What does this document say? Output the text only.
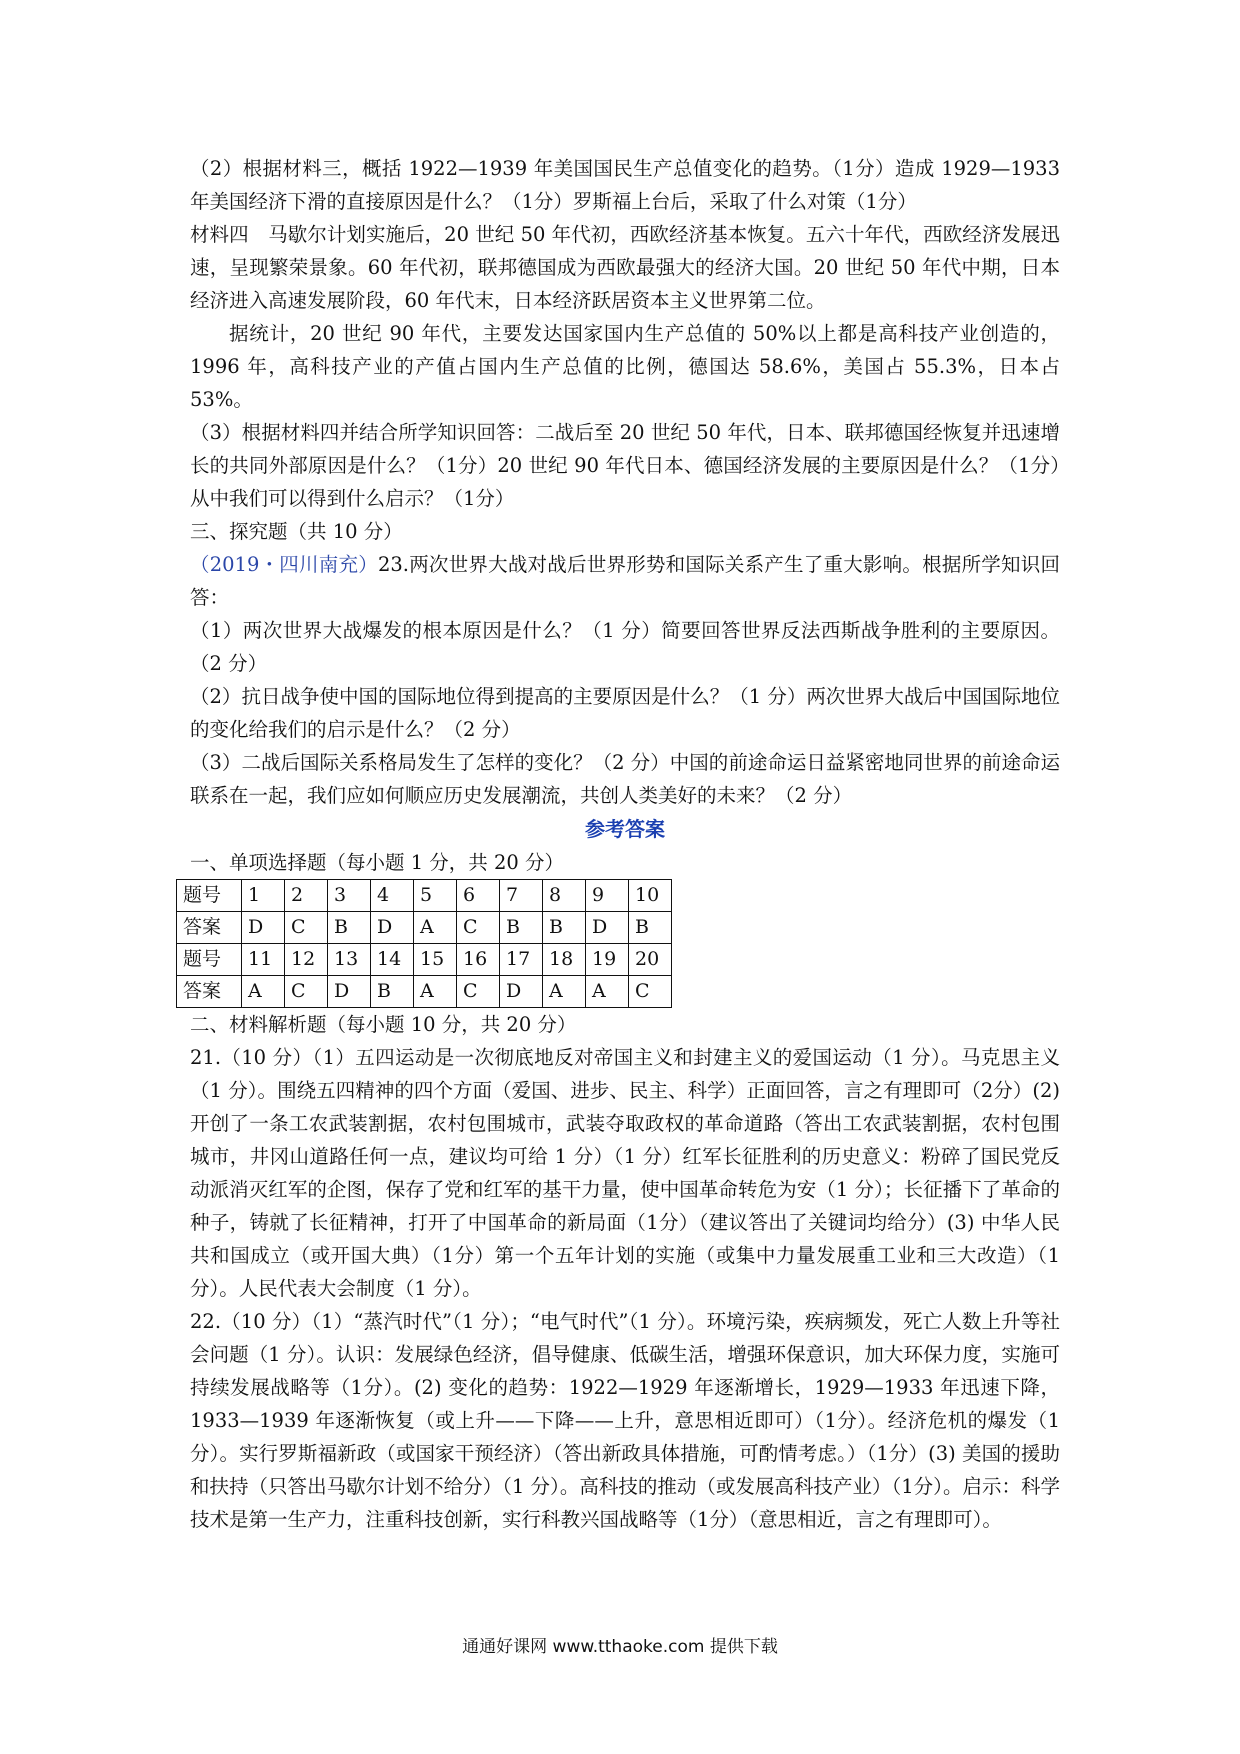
（2）根据材料三，概括 1922—1939 年美国国民生产总值变化的趋势。（1分）造成 1929—1933 年美国经济下滑的直接原因是什么？（1分）罗斯福上台后，采取了什么对策（1分）

材料四　马歇尔计划实施后，20 世纪 50 年代初，西欧经济基本恢复。五六十年代，西欧经济发展迅速，呈现繁荣景象。60 年代初，联邦德国成为西欧最强大的经济大国。20 世纪 50 年代中期，日本经济进入高速发展阶段，60 年代末，日本经济跃居资本主义世界第二位。

据统计，20 世纪 90 年代，主要发达国家国内生产总值的 50%以上都是高科技产业创造的，1996 年，高科技产业的产值占国内生产总值的比例，德国达 58.6%，美国占 55.3%，日本占 53%。

（3）根据材料四并结合所学知识回答：二战后至 20 世纪 50 年代，日本、联邦德国经恢复并迅速增长的共同外部原因是什么？（1分）20 世纪 90 年代日本、德国经济发展的主要原因是什么？（1分）从中我们可以得到什么启示？（1分）

三、探究题（共 10 分）

（2019・四川南充）23.两次世界大战对战后世界形势和国际关系产生了重大影响。根据所学知识回答：

（1）两次世界大战爆发的根本原因是什么？（1 分）简要回答世界反法西斯战争胜利的主要原因。（2 分）

（2）抗日战争使中国的国际地位得到提高的主要原因是什么？（1 分）两次世界大战后中国国际地位的变化给我们的启示是什么？（2 分）

（3）二战后国际关系格局发生了怎样的变化？（2 分）中国的前途命运日益紧密地同世界的前途命运联系在一起，我们应如何顺应历史发展潮流，共创人类美好的未来？（2 分）

参考答案

一、单项选择题（每小题 1 分，共 20 分）

题号	1	2	3	4	5	6	7	8	9	10
答案	D	C	B	D	A	C	B	B	D	B
题号	11	12	13	14	15	16	17	18	19	20
答案	A	C	D	B	A	C	D	A	A	C

二、材料解析题（每小题 10 分，共 20 分）

21.（10 分）（1）五四运动是一次彻底地反对帝国主义和封建主义的爱国运动（1 分）。马克思主义（1 分）。围绕五四精神的四个方面（爱国、进步、民主、科学）正面回答，言之有理即可（2分）(2) 开创了一条工农武装割据，农村包围城市，武装夺取政权的革命道路（答出工农武装割据，农村包围城市，井冈山道路任何一点，建议均可给 1 分）（1 分）红军长征胜利的历史意义：粉碎了国民党反动派消灭红军的企图，保存了党和红军的基干力量，使中国革命转危为安（1 分）；长征播下了革命的种子，铸就了长征精神，打开了中国革命的新局面（1分）（建议答出了关键词均给分）(3) 中华人民共和国成立（或开国大典）（1分）第一个五年计划的实施（或集中力量发展重工业和三大改造）（1分）。人民代表大会制度（1 分）。

22.（10 分）（1）“蒸汽时代”（1 分）；“电气时代”（1 分）。环境污染，疾病频发，死亡人数上升等社会问题（1 分）。认识：发展绿色经济，倡导健康、低碳生活，增强环保意识，加大环保力度，实施可持续发展战略等（1分）。(2) 变化的趋势：1922—1929 年逐渐增长，1929—1933 年迅速下降，1933—1939 年逐渐恢复（或上升——下降——上升，意思相近即可）（1分）。经济危机的爆发（1 分）。实行罗斯福新政（或国家干预经济）（答出新政具体措施，可酌情考虑。）（1分）(3) 美国的援助和扶持（只答出马歇尔计划不给分）（1 分）。高科技的推动（或发展高科技产业）（1分）。启示：科学技术是第一生产力，注重科技创新，实行科教兴国战略等（1分）（意思相近，言之有理即可）。

通通好课网 www.tthaoke.com 提供下载
